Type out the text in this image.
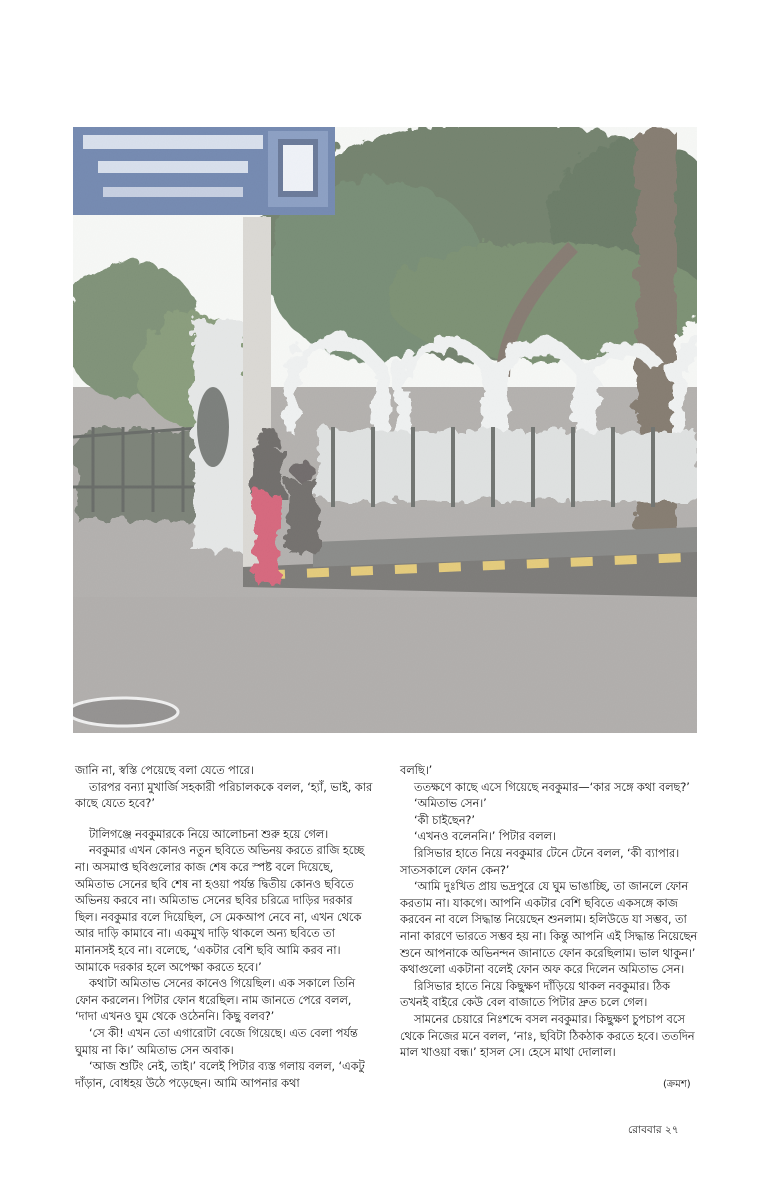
জানি না, স্বস্তি পেয়েছে বলা যেতে পারে।

তারপর বন্যা মুখার্জি সহকারী পরিচালককে বলল, ‘হ্যাঁ, ভাই, কার কাছে যেতে হবে?’

টালিগঞ্জে নবকুমারকে নিয়ে আলোচনা শুরু হয়ে গেল।

নবকুমার এখন কোনও নতুন ছবিতে অভিনয় করতে রাজি হচ্ছে না। অসমাপ্ত ছবিগুলোর কাজ শেষ করে স্পষ্ট বলে দিয়েছে, অমিতাভ সেনের ছবি শেষ না হওয়া পর্যন্ত দ্বিতীয় কোনও ছবিতে অভিনয় করবে না। অমিতাভ সেনের ছবির চরিত্রে দাড়ির দরকার ছিল। নবকুমার বলে দিয়েছিল, সে মেকআপ নেবে না, এখন থেকে আর দাড়ি কামাবে না। একমুখ দাড়ি থাকলে অন্য ছবিতে তা মানানসই হবে না। বলেছে, ‘একটার বেশি ছবি আমি করব না। আমাকে দরকার হলে অপেক্ষা করতে হবে।’

কথাটা অমিতাভ সেনের কানেও গিয়েছিল। এক সকালে তিনি ফোন করলেন। পিটার ফোন ধরেছিল। নাম জানতে পেরে বলল, ‘দাদা এখনও ঘুম থেকে ওঠেননি। কিছু বলব?’

‘সে কী! এখন তো এগারোটা বেজে গিয়েছে। এত বেলা পর্যন্ত ঘুমায় না কি।’ অমিতাভ সেন অবাক।

‘আজ শুটিং নেই, তাই।’ বলেই পিটার ব্যস্ত গলায় বলল, ‘একটু দাঁড়ান, বোধহয় উঠে পড়েছেন। আমি আপনার কথা

বলছি।’

ততক্ষণে কাছে এসে গিয়েছে নবকুমার—‘কার সঙ্গে কথা বলছ?’

‘অমিতাভ সেন।’

‘কী চাইছেন?’

‘এখনও বলেননি।’ পিটার বলল।

রিসিভার হাতে নিয়ে নবকুমার টেনে টেনে বলল, ‘কী ব্যাপার। সাতসকালে ফোন কেন?’

‘আমি দুঃখিত প্রায় ভদ্রপুরে যে ঘুম ভাঙাচ্ছি, তা জানলে ফোন করতাম না। যাকগে। আপনি একটার বেশি ছবিতে একসঙ্গে কাজ করবেন না বলে সিদ্ধান্ত নিয়েছেন শুনলাম। হলিউডে যা সম্ভব, তা নানা কারণে ভারতে সম্ভব হয় না। কিন্তু আপনি এই সিদ্ধান্ত নিয়েছেন শুনে আপনাকে অভিনন্দন জানাতে ফোন করেছিলাম। ভাল থাকুন।’ কথাগুলো একটানা বলেই ফোন অফ করে দিলেন অমিতাভ সেন।

রিসিভার হাতে নিয়ে কিছুক্ষণ দাঁড়িয়ে থাকল নবকুমার। ঠিক তখনই বাইরে কেউ বেল বাজাতে পিটার দ্রুত চলে গেল।

সামনের চেয়ারে নিঃশব্দে বসল নবকুমার। কিছুক্ষণ চুপচাপ বসে থেকে নিজের মনে বলল, ‘নাঃ, ছবিটা ঠিকঠাক করতে হবে। ততদিন মাল খাওয়া বন্ধ।’ হাসল সে। হেসে মাথা দোলাল।

(ক্রমশ)
রোববার ২৭
